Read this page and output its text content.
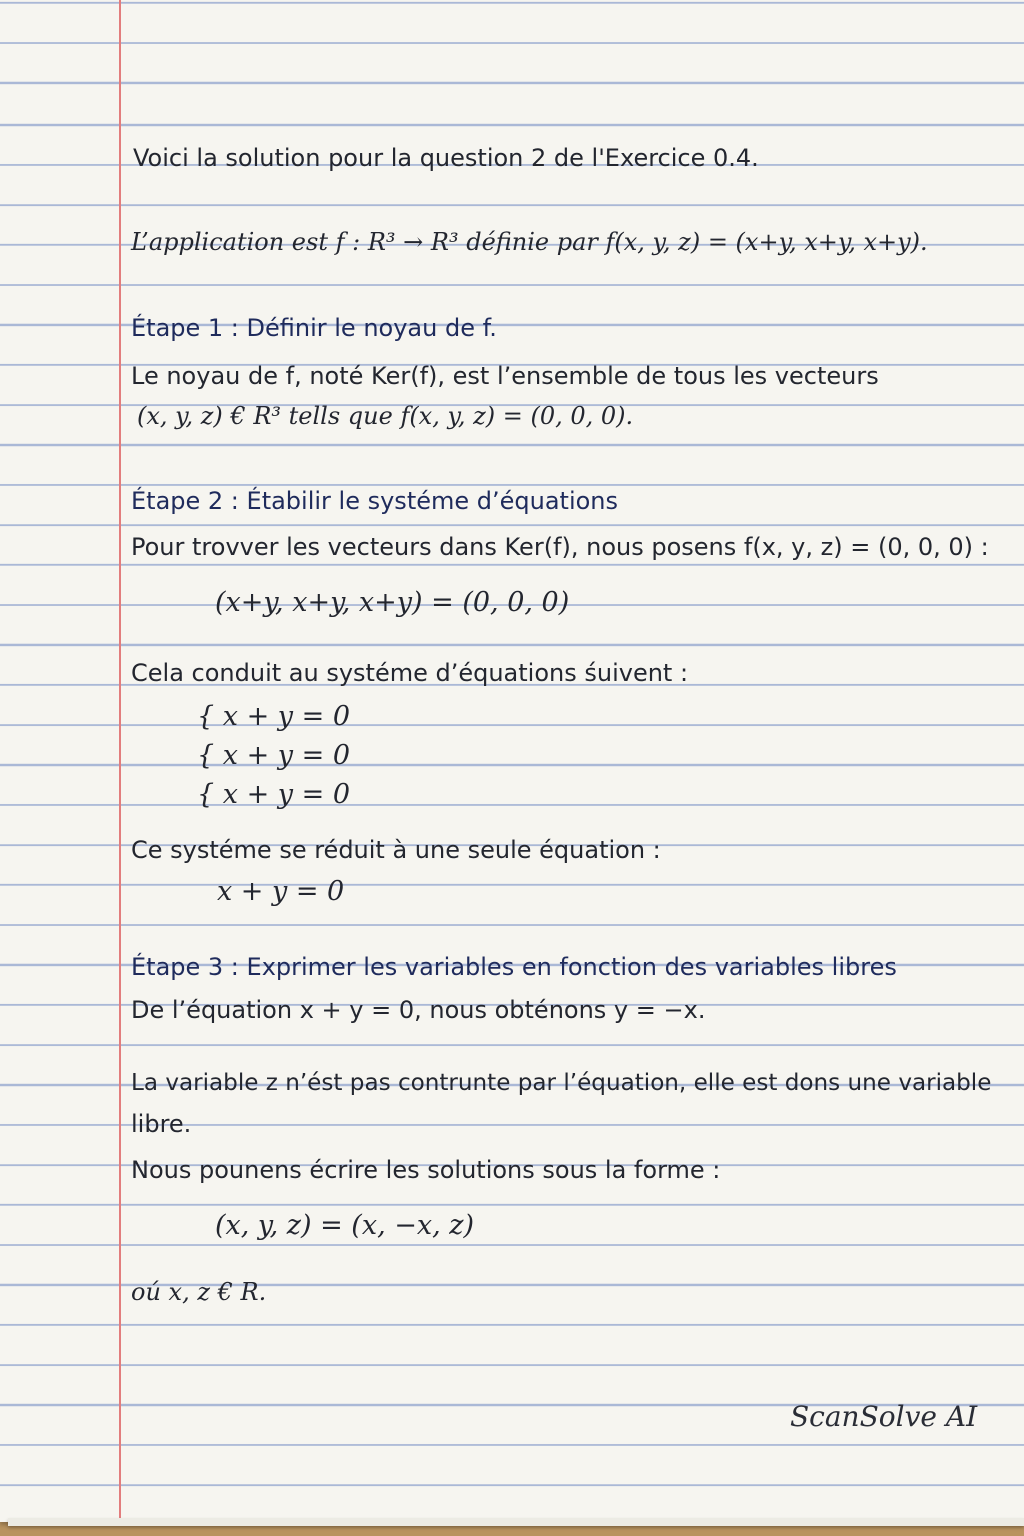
Voici la solution pour la question 2 de l'Exercice 0.4.

L’application est f : R³ → R³ définie par f(x, y, z) = (x+y, x+y, x+y).

Étape 1 : Définir le noyau de f.

Le noyau de f, noté Ker(f), est l’ensemble de tous les vecteurs

(x, y, z) € R³ tells que f(x, y, z) = (0, 0, 0).

Étape 2 : Étabilir le systéme d’équations

Pour trovver les vecteurs dans Ker(f), nous posens f(x, y, z) = (0, 0, 0) :

(x+y, x+y, x+y) = (0, 0, 0)

Cela conduit au systéme d’équations śuivent :

{ x + y = 0

{ x + y = 0

{ x + y = 0

Ce systéme se réduit à une seule équation :

x + y = 0

Étape 3 : Exprimer les variables en fonction des variables libres

De l’équation x + y = 0, nous obténons y = −x.

La variable z n’ést pas contrunte par l’équation, elle est dons une variable

libre.

Nous pounens écrire les solutions sous la forme :

(x, y, z) = (x, −x, z)

oú x, z € R.

ScanSolve AI
